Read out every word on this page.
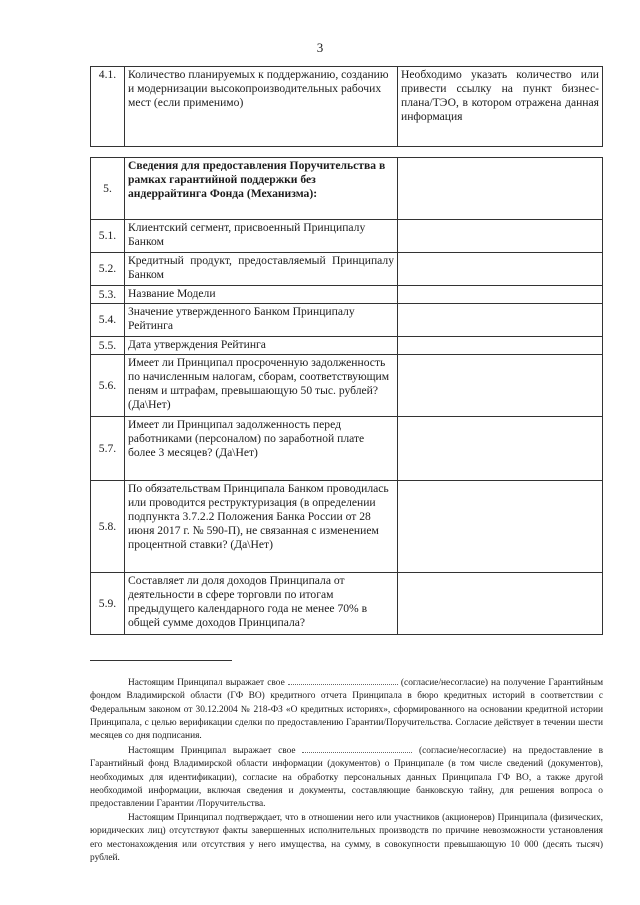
3
4.1.	Количество планируемых к поддержанию, созданию и модернизации высокопроизводительных рабочих мест (если применимо)	Необходимо указать количество или привести ссылку на пункт бизнес-плана/ТЭО, в котором отражена данная информация
5.	Сведения для предоставления Поручительства в рамках гарантийной поддержки без андеррайтинга Фонда (Механизма):	
5.1.	Клиентский сегмент, присвоенный Принципалу Банком	
5.2.	Кредитный продукт, предоставляемый Принципалу Банком	
5.3.	Название Модели	
5.4.	Значение утвержденного Банком Принципалу Рейтинга	
5.5.	Дата утверждения Рейтинга	
5.6.	Имеет ли Принципал просроченную задолженность по начисленным налогам, сборам, соответствующим пеням и штрафам, превышающую 50 тыс. рублей? (Да\Нет)	
5.7.	Имеет ли Принципал задолженность перед работниками (персоналом) по заработной плате более 3 месяцев? (Да\Нет)	
5.8.	По обязательствам Принципала Банком проводилась или проводится реструктуризация (в определении подпункта 3.7.2.2 Положения Банка России от 28 июня 2017 г. № 590-П), не связанная с изменением процентной ставки? (Да\Нет)	
5.9.	Составляет ли доля доходов Принципала от деятельности в сфере торговли по итогам предыдущего календарного года не менее 70% в общей сумме доходов Принципала?	

Настоящим Принципал выражает свое	(согласие/несогласие) на получение Гарантийным фондом Владимирской области (ГФ ВО) кредитного отчета Принципала в бюро кредитных историй в соответствии с Федеральным законом от 30.12.2004 № 218-ФЗ «О кредитных историях», сформированного на основании кредитной истории Принципала, с целью верификации сделки по предоставлению Гарантии/Поручительства. Согласие действует в течении шести месяцев со дня подписания.

Настоящим Принципал выражает свое	(согласие/несогласие) на предоставление в Гарантийный фонд Владимирской области информации (документов) о Принципале (в том числе сведений (документов), необходимых для идентификации), согласие на обработку персональных данных Принципала ГФ ВО, а также другой необходимой информации, включая сведения и документы, составляющие банковскую тайну, для решения вопроса о предоставлении Гарантии /Поручительства.

Настоящим Принципал подтверждает, что в отношении него или участников (акционеров) Принципала (физических, юридических лиц) отсутствуют факты завершенных исполнительных производств по причине невозможности установления его местонахождения или отсутствия у него имущества, на сумму, в совокупности превышающую 10 000 (десять тысяч) рублей.
